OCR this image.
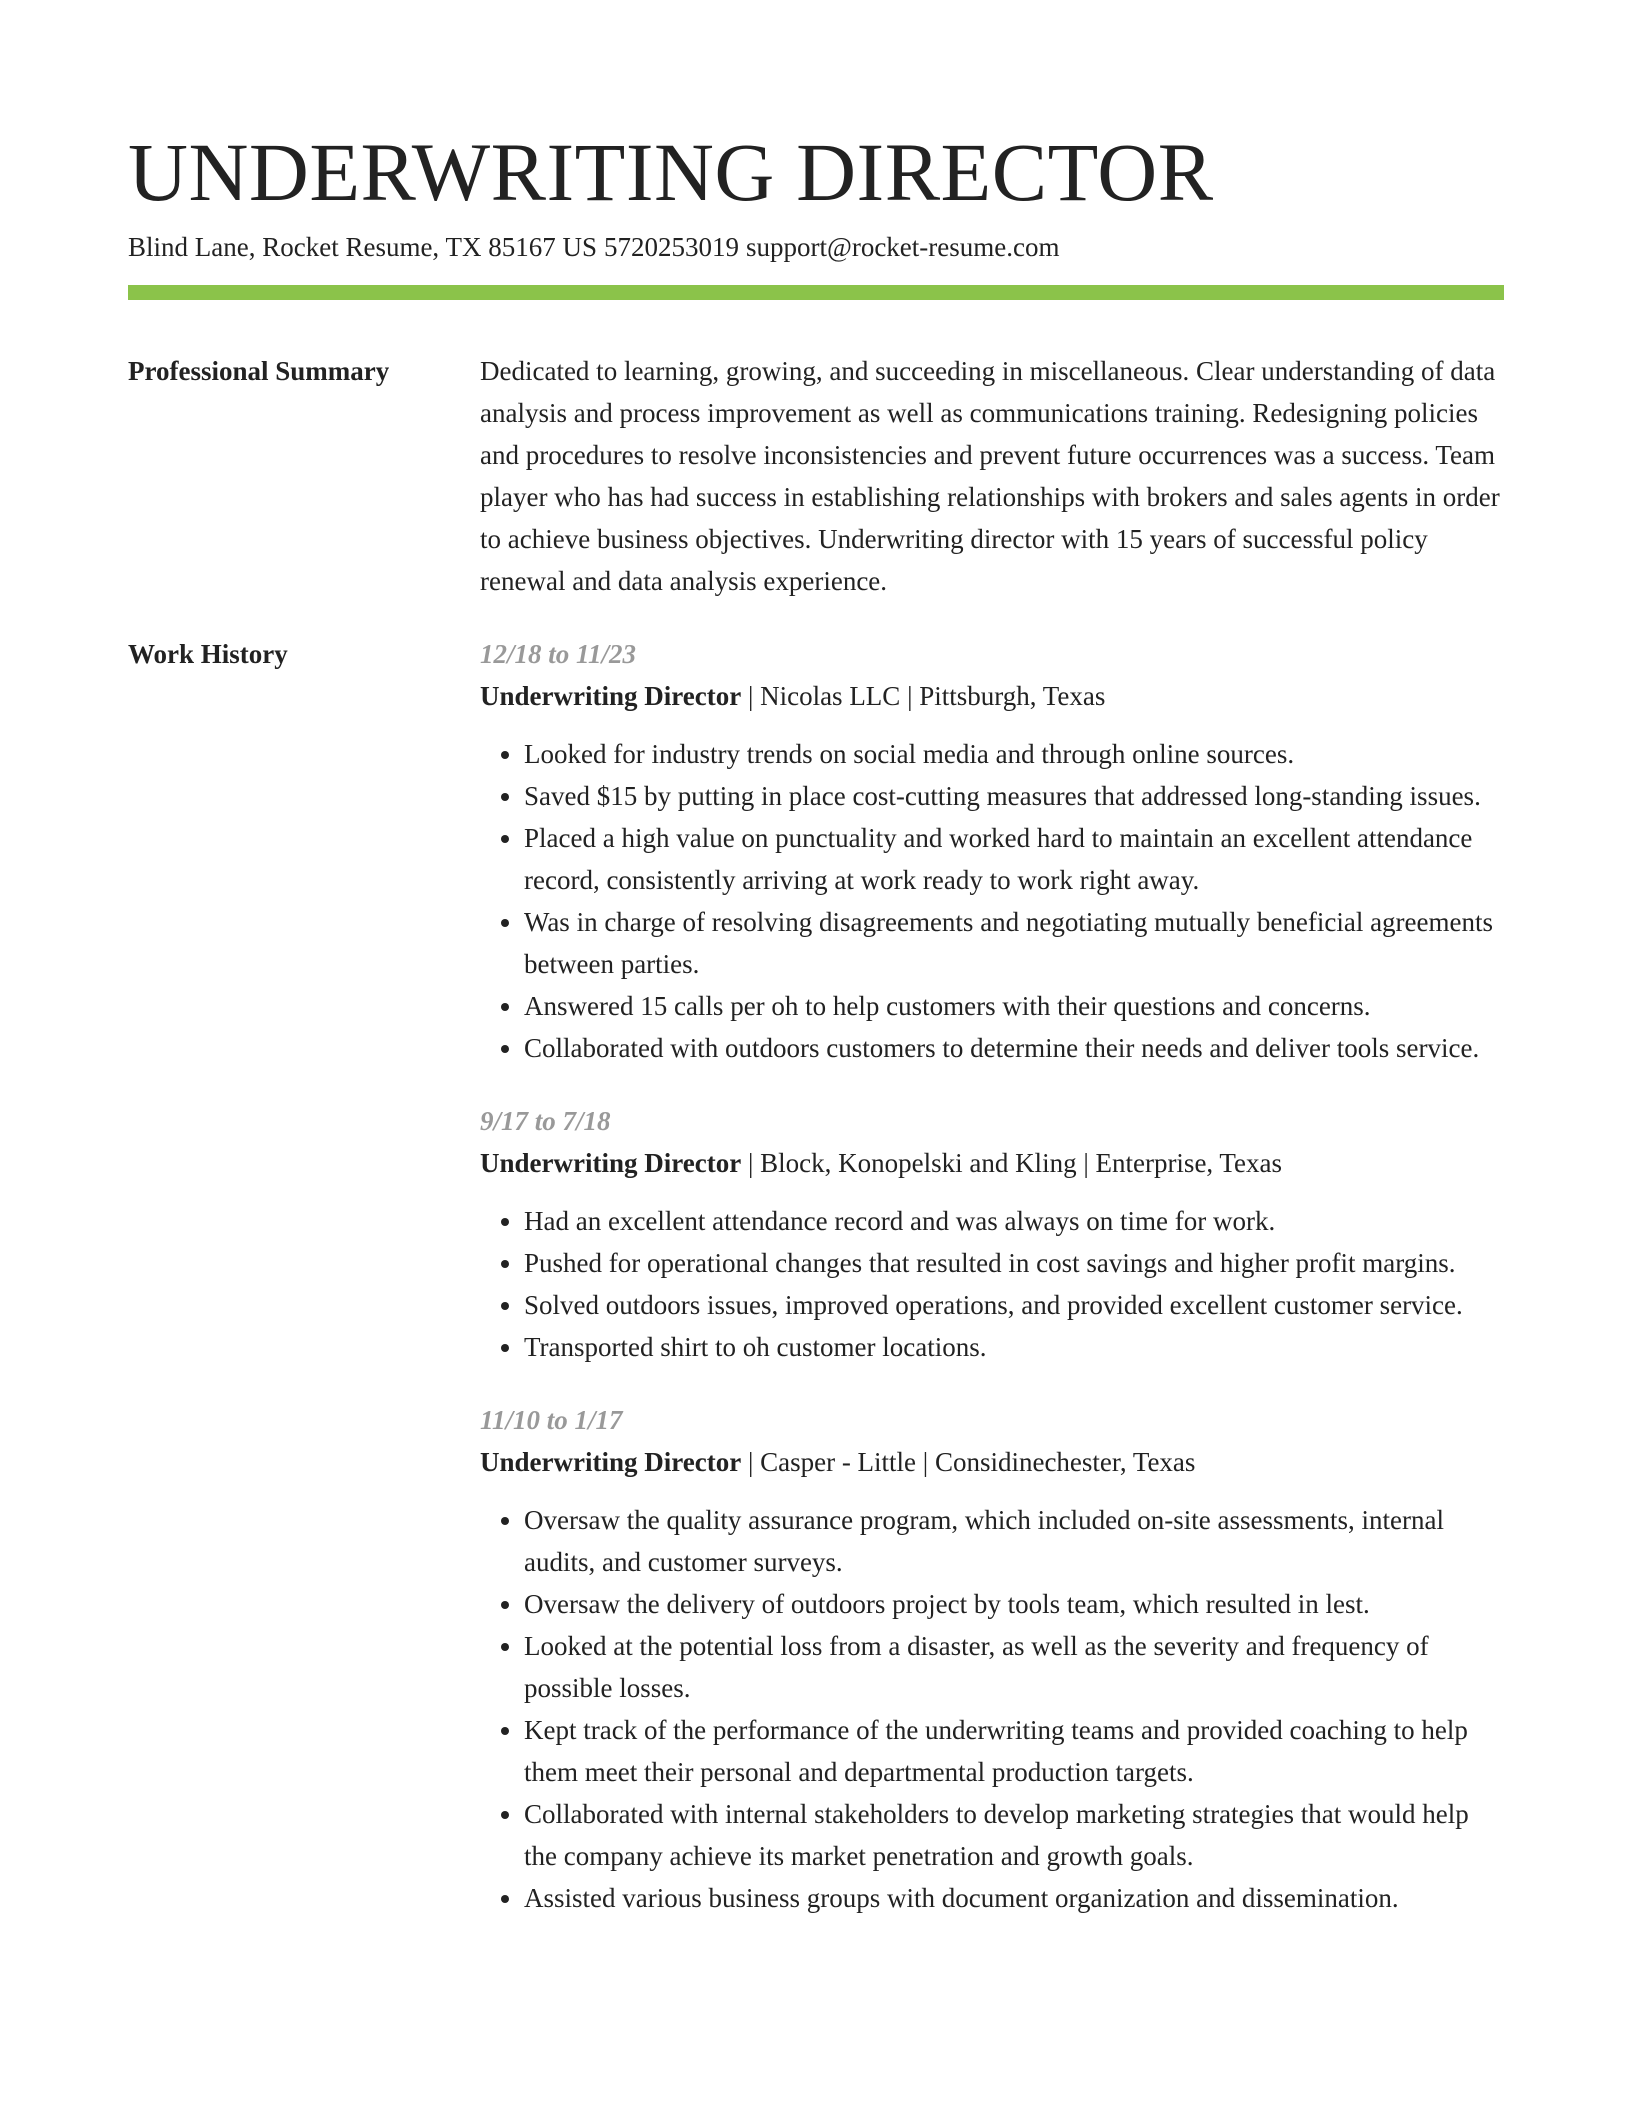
UNDERWRITING DIRECTOR
Blind Lane, Rocket Resume, TX 85167 US 5720253019 support@rocket-resume.com
Professional Summary	Dedicated to learning, growing, and succeeding in miscellaneous. Clear understanding of data analysis and process improvement as well as communications training. Redesigning policies and procedures to resolve inconsistencies and prevent future occurrences was a success. Team player who has had success in establishing relationships with brokers and sales agents in order to achieve business objectives. Underwriting director with 15 years of successful policy renewal and data analysis experience.

Work History	12/18 to 11/23

Underwriting Director | Nicolas LLC | Pittsburgh, Texas

• Looked for industry trends on social media and through online sources.
• Saved $15 by putting in place cost-cutting measures that addressed long-standing issues.
• Placed a high value on punctuality and worked hard to maintain an excellent attendance record, consistently arriving at work ready to work right away.
• Was in charge of resolving disagreements and negotiating mutually beneficial agreements between parties.
• Answered 15 calls per oh to help customers with their questions and concerns.
• Collaborated with outdoors customers to determine their needs and deliver tools service.
9/17 to 7/18

Underwriting Director | Block, Konopelski and Kling | Enterprise, Texas

• Had an excellent attendance record and was always on time for work.
• Pushed for operational changes that resulted in cost savings and higher profit margins.
• Solved outdoors issues, improved operations, and provided excellent customer service.
• Transported shirt to oh customer locations.
11/10 to 1/17

Underwriting Director | Casper - Little | Considinechester, Texas

• Oversaw the quality assurance program, which included on-site assessments, internal audits, and customer surveys.
• Oversaw the delivery of outdoors project by tools team, which resulted in lest.
• Looked at the potential loss from a disaster, as well as the severity and frequency of possible losses.
• Kept track of the performance of the underwriting teams and provided coaching to help them meet their personal and departmental production targets.
• Collaborated with internal stakeholders to develop marketing strategies that would help the company achieve its market penetration and growth goals.
• Assisted various business groups with document organization and dissemination.
